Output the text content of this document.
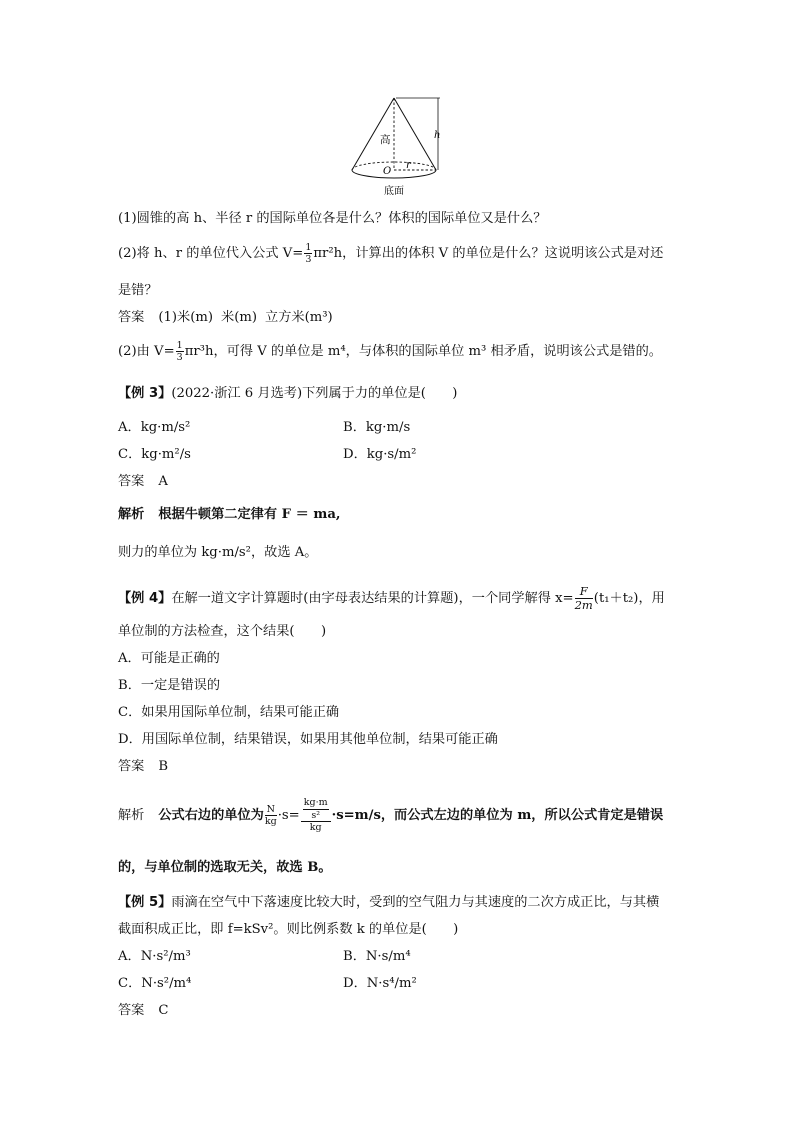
高	h
O
r
底面
(1)圆锥的高 h、半径 r 的国际单位各是什么？体积的国际单位又是什么？
(2)将 h、r 的单位代入公式 $V= \frac{1}{3} \pi r^2h$，计算出的体积 V 的单位是什么？这说明该公式是对还
是错？
答案 (1)米(m) 米(m) 立方米(m³)
(2)由 $V= \frac{1}{3} \pi r^3h$，可得 V 的单位是 m⁴，与体积的国际单位 m³ 相矛盾，说明该公式是错的。
【例 3】(2022·浙江 6 月选考)下列属于力的单位是(　　)
A．kg·m/s²	B．kg·m/s
C．kg·m²/s	D．kg·s/m²
答案 A
解析 根据牛顿第二定律有 F ＝ ma,
则力的单位为 kg·m/s²，故选 A。
【例 4】在解一道文字计算题时(由字母表达结果的计算题)，一个同学解得 $x= \frac{F}{2m} (t_1+t_2)$，用
单位制的方法检查，这个结果(　　)
A．可能是正确的
B．一定是错误的
C．如果用国际单位制，结果可能正确
D．用国际单位制，结果错误，如果用其他单位制，结果可能正确
答案 B
解析 公式右边的单位为 $\frac{N}{kg} \cdot s= \frac{\frac{kg\cdot m}{\text{s²}}}{kg} \cdot s=m/s$，而公式左边的单位为 m，所以公式肯定是错误
的，与单位制的选取无关，故选 B。
【例 5】雨滴在空气中下落速度比较大时，受到的空气阻力与其速度的二次方成正比，与其横
截面积成正比，即 f=kSv²。则比例系数 k 的单位是(　　)
A．N·s²/m³	B．N·s/m⁴
C．N·s²/m⁴	D．N·s⁴/m²
答案 C
